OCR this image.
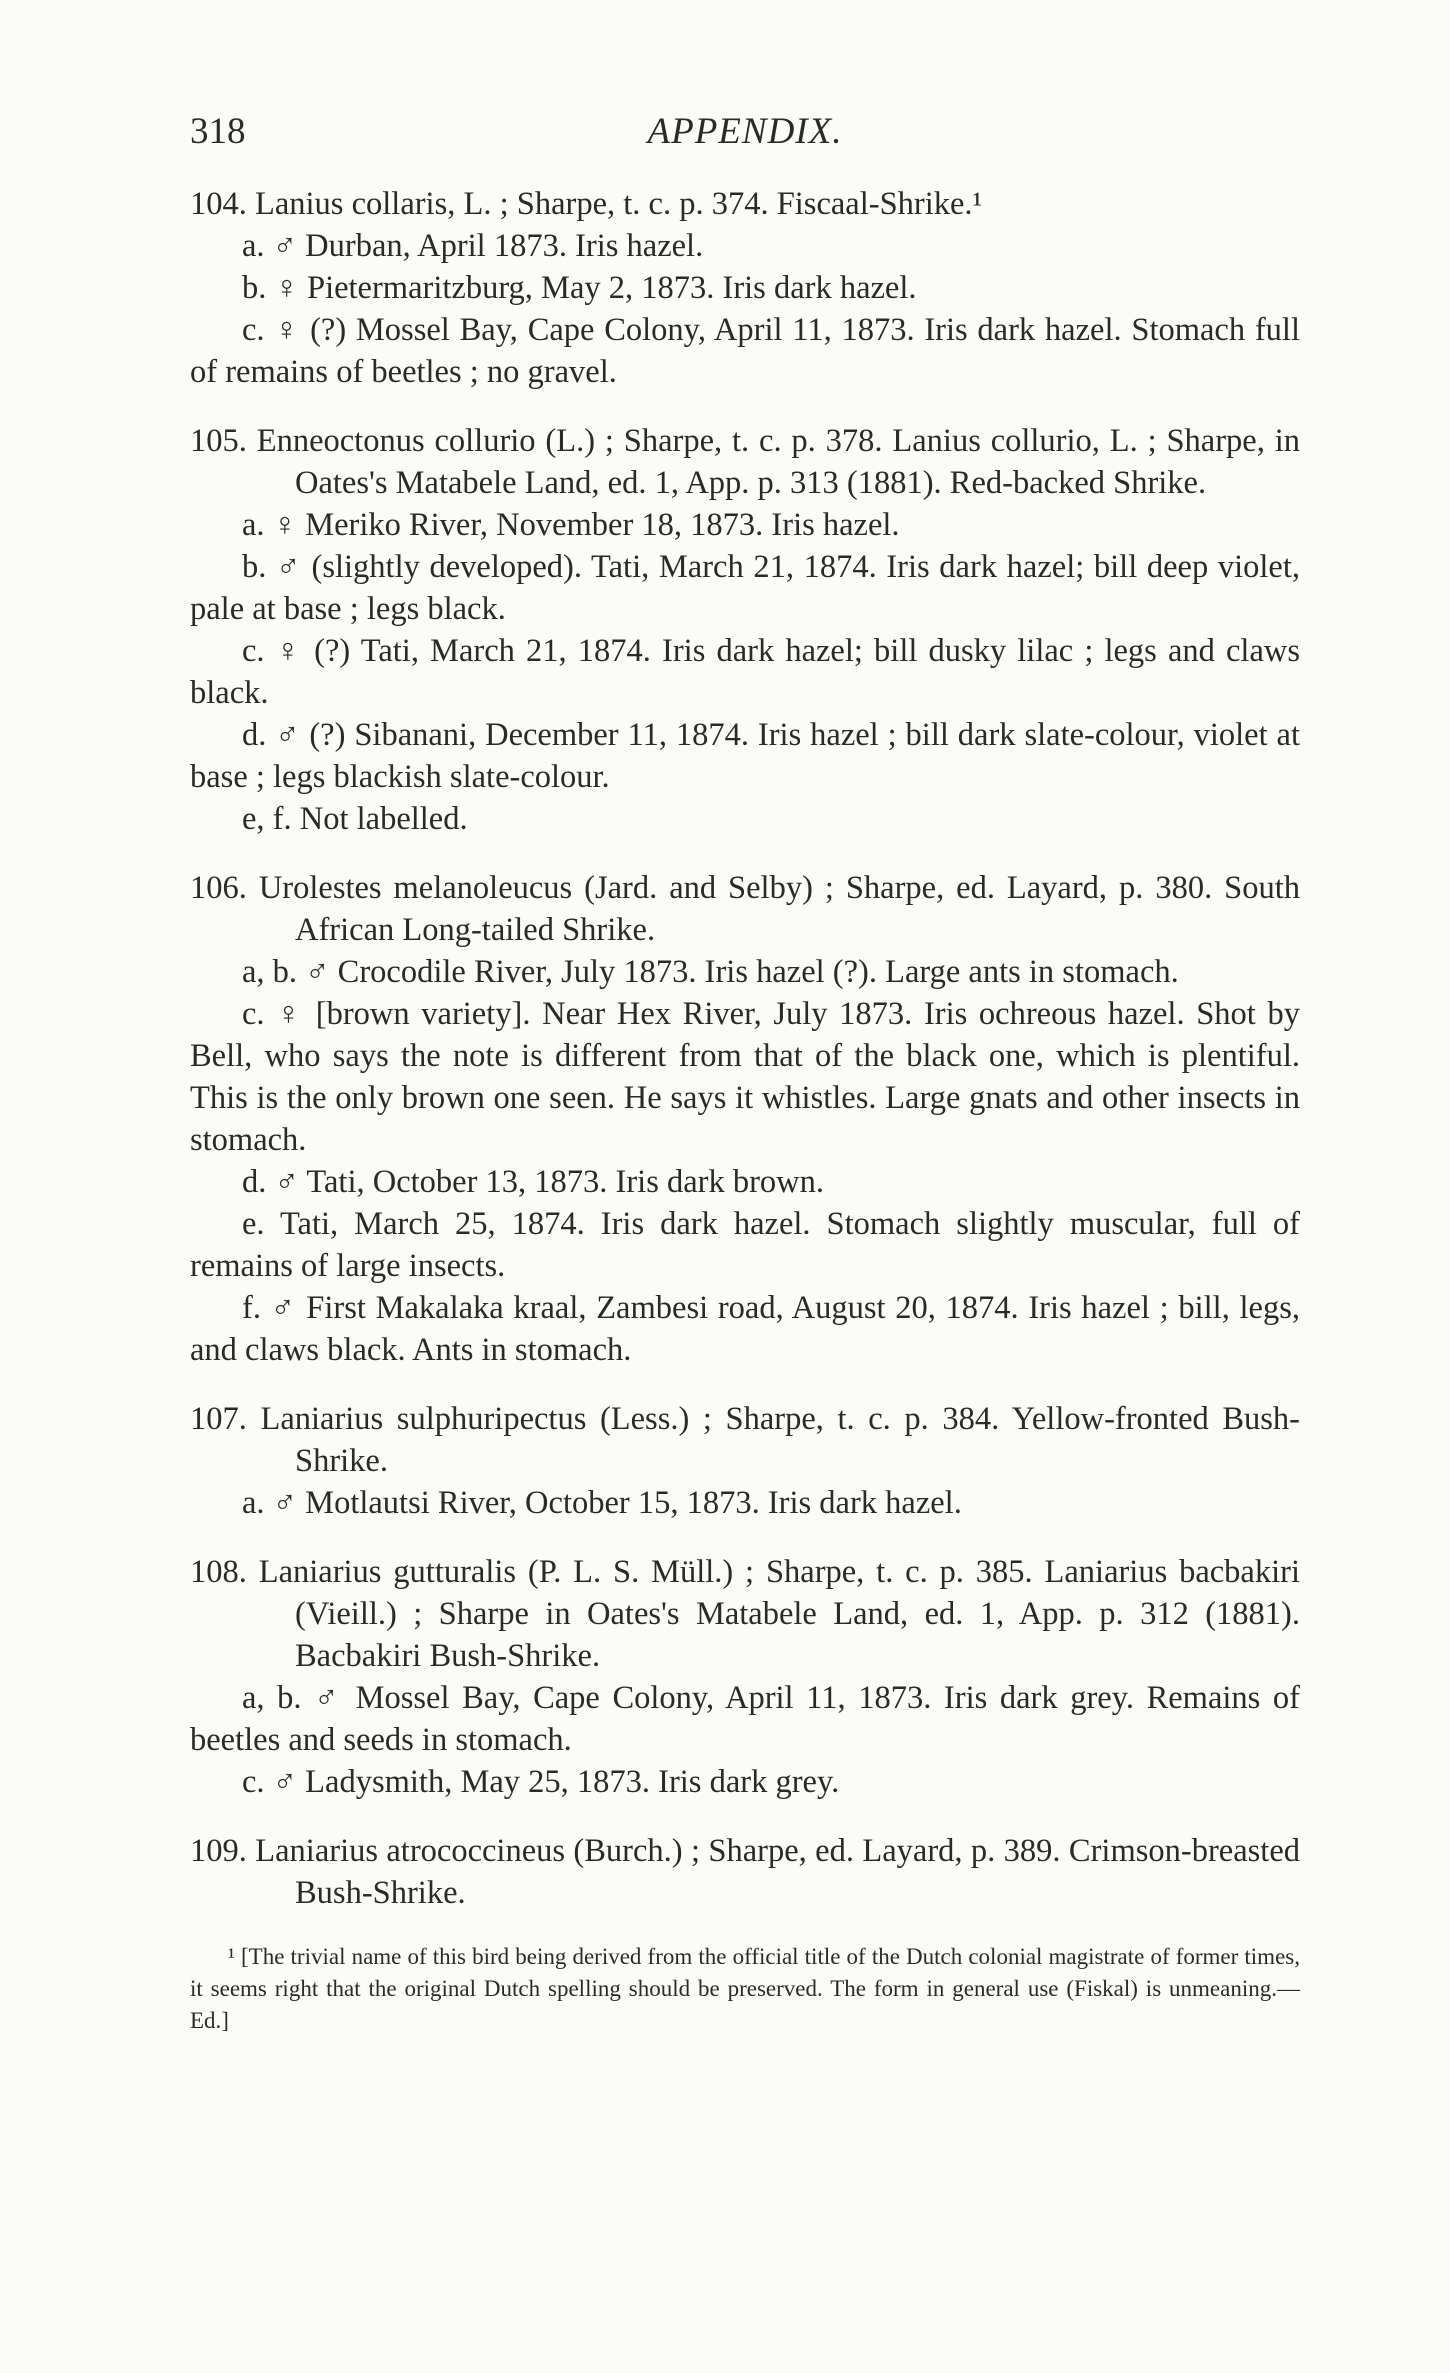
318	APPENDIX.

104. Lanius collaris, L. ; Sharpe, t. c. p. 374. Fiscaal-Shrike.¹

a. ♂ Durban, April 1873. Iris hazel.

b. ♀ Pietermaritzburg, May 2, 1873. Iris dark hazel.

c. ♀ (?) Mossel Bay, Cape Colony, April 11, 1873. Iris dark hazel. Stomach full of remains of beetles ; no gravel.

105. Enneoctonus collurio (L.) ; Sharpe, t. c. p. 378. Lanius collurio, L. ; Sharpe, in Oates's Matabele Land, ed. 1, App. p. 313 (1881). Red-backed Shrike.

a. ♀ Meriko River, November 18, 1873. Iris hazel.

b. ♂ (slightly developed). Tati, March 21, 1874. Iris dark hazel; bill deep violet, pale at base ; legs black.

c. ♀ (?) Tati, March 21, 1874. Iris dark hazel; bill dusky lilac ; legs and claws black.

d. ♂ (?) Sibanani, December 11, 1874. Iris hazel ; bill dark slate-colour, violet at base ; legs blackish slate-colour.

e, f. Not labelled.

106. Urolestes melanoleucus (Jard. and Selby) ; Sharpe, ed. Layard, p. 380. South African Long-tailed Shrike.

a, b. ♂ Crocodile River, July 1873. Iris hazel (?). Large ants in stomach.

c. ♀ [brown variety]. Near Hex River, July 1873. Iris ochreous hazel. Shot by Bell, who says the note is different from that of the black one, which is plentiful. This is the only brown one seen. He says it whistles. Large gnats and other insects in stomach.

d. ♂ Tati, October 13, 1873. Iris dark brown.

e. Tati, March 25, 1874. Iris dark hazel. Stomach slightly muscular, full of remains of large insects.

f. ♂ First Makalaka kraal, Zambesi road, August 20, 1874. Iris hazel ; bill, legs, and claws black. Ants in stomach.

107. Laniarius sulphuripectus (Less.) ; Sharpe, t. c. p. 384. Yellow-fronted Bush-Shrike.

a. ♂ Motlautsi River, October 15, 1873. Iris dark hazel.

108. Laniarius gutturalis (P. L. S. Müll.) ; Sharpe, t. c. p. 385. Laniarius bacbakiri (Vieill.) ; Sharpe in Oates's Matabele Land, ed. 1, App. p. 312 (1881). Bacbakiri Bush-Shrike.

a, b. ♂ Mossel Bay, Cape Colony, April 11, 1873. Iris dark grey. Remains of beetles and seeds in stomach.

c. ♂ Ladysmith, May 25, 1873. Iris dark grey.

109. Laniarius atrococcineus (Burch.) ; Sharpe, ed. Layard, p. 389. Crimson-breasted Bush-Shrike.

¹ [The trivial name of this bird being derived from the official title of the Dutch colonial magistrate of former times, it seems right that the original Dutch spelling should be preserved. The form in general use (Fiskal) is unmeaning.—Ed.]
